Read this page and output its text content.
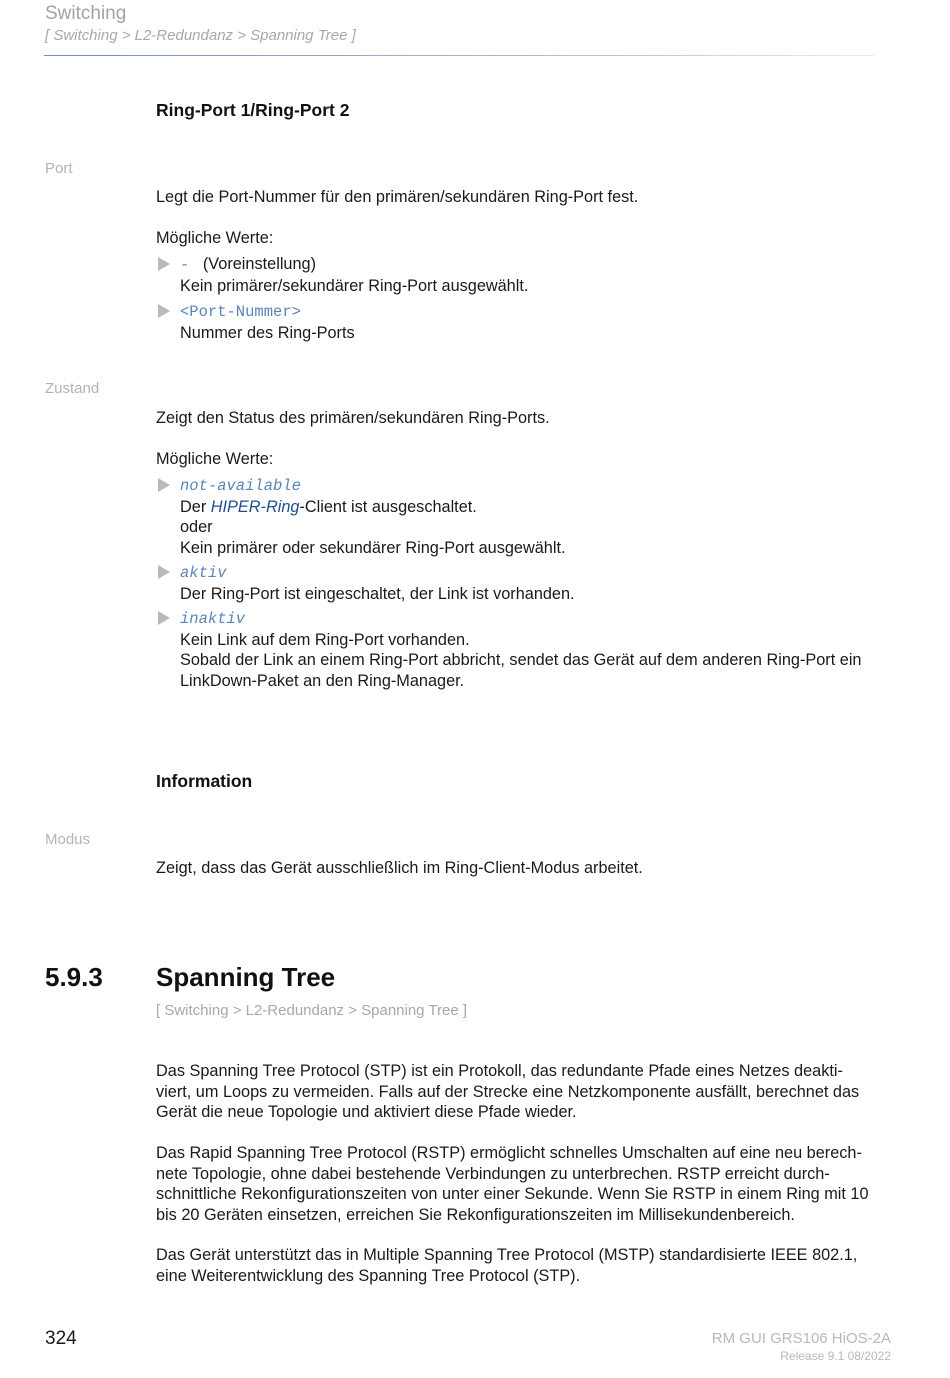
Switching
[ Switching > L2-Redundanz > Spanning Tree ]
Ring-Port 1/Ring-Port 2
Port
Legt die Port-Nummer für den primären/sekundären Ring-Port fest.
Mögliche Werte:
- (Voreinstellung)
Kein primärer/sekundärer Ring-Port ausgewählt.
<Port-Nummer>
Nummer des Ring-Ports
Zustand
Zeigt den Status des primären/sekundären Ring-Ports.
Mögliche Werte:
not-available
Der HIPER-Ring-Client ist ausgeschaltet.
oder
Kein primärer oder sekundärer Ring-Port ausgewählt.
aktiv
Der Ring-Port ist eingeschaltet, der Link ist vorhanden.
inaktiv
Kein Link auf dem Ring-Port vorhanden.
Sobald der Link an einem Ring-Port abbricht, sendet das Gerät auf dem anderen Ring-Port ein
LinkDown-Paket an den Ring-Manager.
Information
Modus
Zeigt, dass das Gerät ausschließlich im Ring-Client-Modus arbeitet.
5.9.3 Spanning Tree
[ Switching > L2-Redundanz > Spanning Tree ]
Das Spanning Tree Protocol (STP) ist ein Protokoll, das redundante Pfade eines Netzes deakti-
viert, um Loops zu vermeiden. Falls auf der Strecke eine Netzkomponente ausfällt, berechnet das
Gerät die neue Topologie und aktiviert diese Pfade wieder.
Das Rapid Spanning Tree Protocol (RSTP) ermöglicht schnelles Umschalten auf eine neu berech-
nete Topologie, ohne dabei bestehende Verbindungen zu unterbrechen. RSTP erreicht durch-
schnittliche Rekonfigurationszeiten von unter einer Sekunde. Wenn Sie RSTP in einem Ring mit 10
bis 20 Geräten einsetzen, erreichen Sie Rekonfigurationszeiten im Millisekundenbereich.
Das Gerät unterstützt das in Multiple Spanning Tree Protocol (MSTP) standardisierte IEEE 802.1,
eine Weiterentwicklung des Spanning Tree Protocol (STP).
324	RM GUI GRS106 HiOS-2A
Release 9.1 08/2022
